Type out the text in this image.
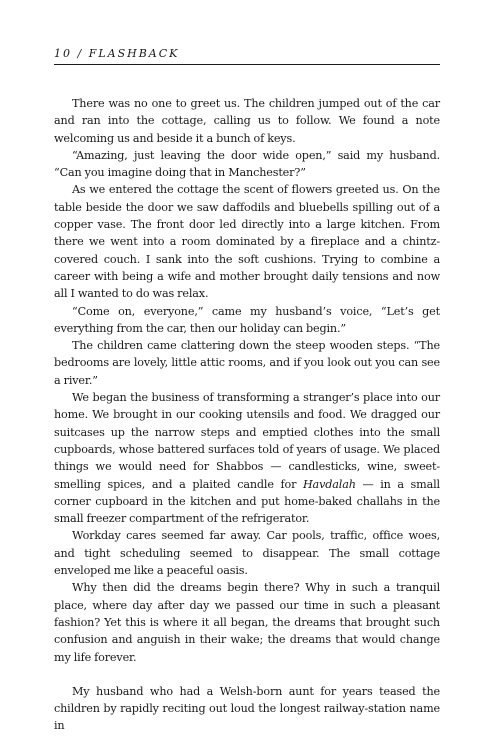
10 / FLASHBACK

There was no one to greet us. The children jumped out of the car and ran into the cottage, calling us to follow. We found a note welcoming us and beside it a bunch of keys.

“Amazing, just leaving the door wide open,” said my husband. “Can you imagine doing that in Manchester?”

As we entered the cottage the scent of flowers greeted us. On the table beside the door we saw daffodils and bluebells spilling out of a copper vase. The front door led directly into a large kitchen. From there we went into a room dominated by a fireplace and a chintz-covered couch. I sank into the soft cushions. Trying to combine a career with being a wife and mother brought daily tensions and now all I wanted to do was relax.

“Come on, everyone,” came my husband’s voice, “Let’s get everything from the car, then our holiday can begin.”

The children came clattering down the steep wooden steps. “The bedrooms are lovely, little attic rooms, and if you look out you can see a river.”

We began the business of transforming a stranger’s place into our home. We brought in our cooking utensils and food. We dragged our suitcases up the narrow steps and emptied clothes into the small cupboards, whose battered surfaces told of years of usage. We placed things we would need for Shabbos — candlesticks, wine, sweet-smelling spices, and a plaited candle for Havdalah — in a small corner cupboard in the kitchen and put home-baked challahs in the small freezer compartment of the refrigerator.

Workday cares seemed far away. Car pools, traffic, office woes, and tight scheduling seemed to disappear. The small cottage enveloped me like a peaceful oasis.

Why then did the dreams begin there? Why in such a tranquil place, where day after day we passed our time in such a pleasant fashion? Yet this is where it all began, the dreams that brought such confusion and anguish in their wake; the dreams that would change my life forever.

My husband who had a Welsh-born aunt for years teased the children by rapidly reciting out loud the longest railway-station name in
